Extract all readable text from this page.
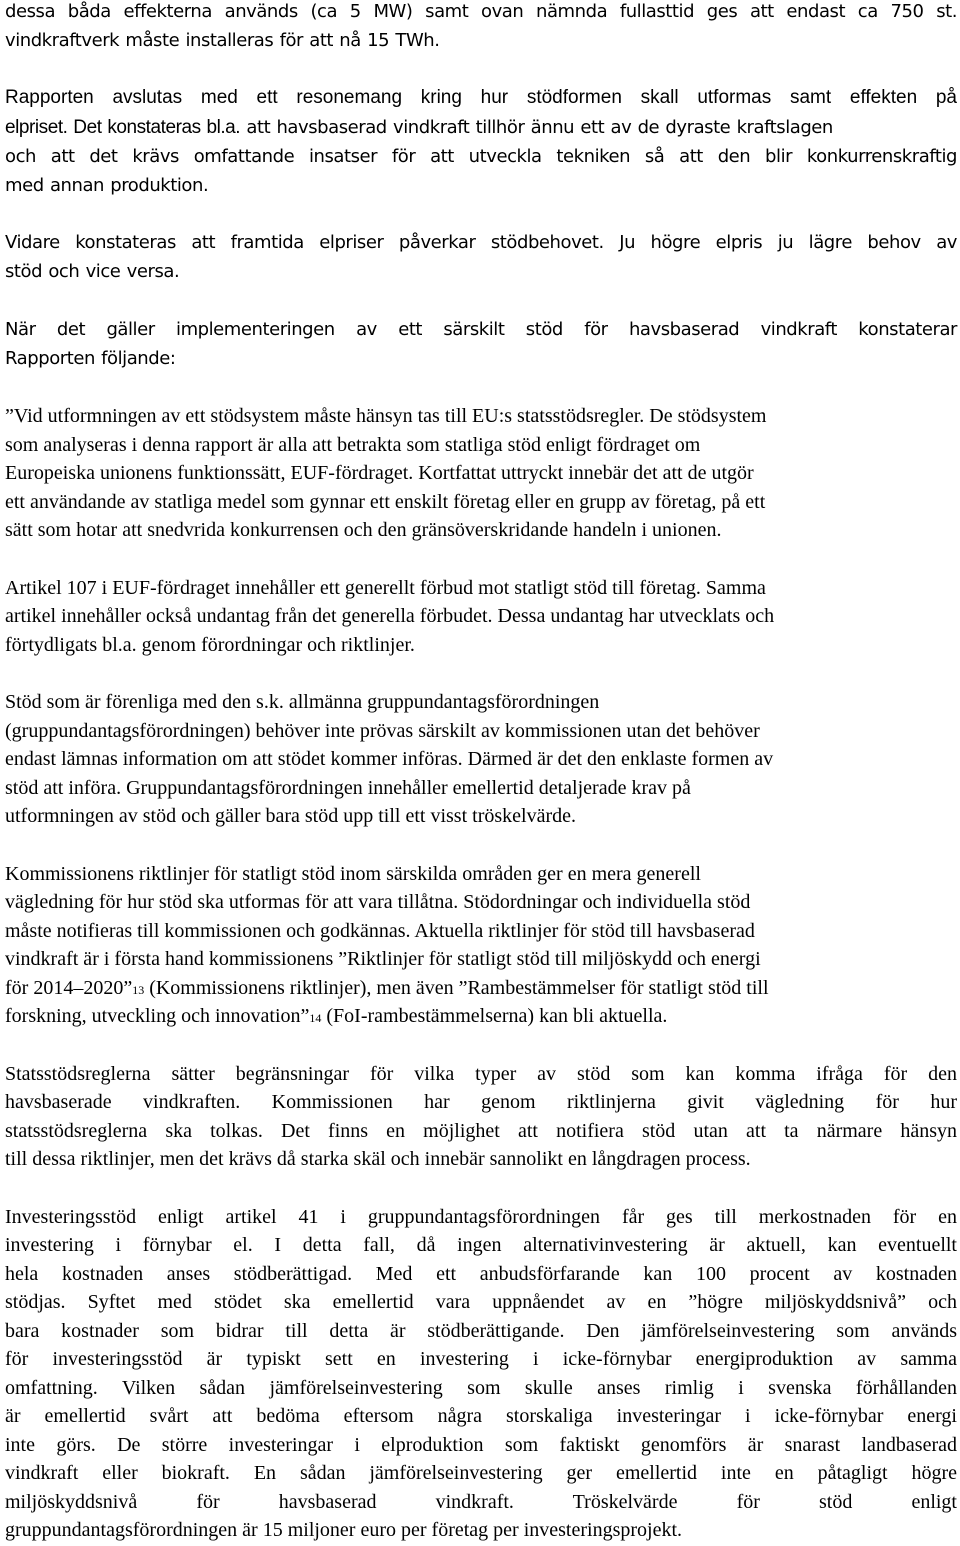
dessa båda effekterna används (ca 5 MW) samt ovan nämnda fullasttid ges att endast ca 750 st.
vindkraftverk måste installeras för att nå 15 TWh.
Rapporten avslutas med ett resonemang kring hur stödformen skall utformas samt effekten på
elpriset. Det konstateras bl.a. att havsbaserad vindkraft tillhör ännu ett av de dyraste kraftslagen
och att det krävs omfattande insatser för att utveckla tekniken så att den blir konkurrenskraftig
med annan produktion.
Vidare konstateras att framtida elpriser påverkar stödbehovet. Ju högre elpris ju lägre behov av
stöd och vice versa.
När det gäller implementeringen av ett särskilt stöd för havsbaserad vindkraft konstaterar
Rapporten följande:
”Vid utformningen av ett stödsystem måste hänsyn tas till EU:s statsstödsregler. De stödsystem
som analyseras i denna rapport är alla att betrakta som statliga stöd enligt fördraget om
Europeiska unionens funktionssätt, EUF-fördraget. Kortfattat uttryckt innebär det att de utgör
ett användande av statliga medel som gynnar ett enskilt företag eller en grupp av företag, på ett
sätt som hotar att snedvrida konkurrensen och den gränsöverskridande handeln i unionen.
Artikel 107 i EUF-fördraget innehåller ett generellt förbud mot statligt stöd till företag. Samma
artikel innehåller också undantag från det generella förbudet. Dessa undantag har utvecklats och
förtydligats bl.a. genom förordningar och riktlinjer.
Stöd som är förenliga med den s.k. allmänna gruppundantagsförordningen
(gruppundantagsförordningen) behöver inte prövas särskilt av kommissionen utan det behöver
endast lämnas information om att stödet kommer införas. Därmed är det den enklaste formen av
stöd att införa. Gruppundantagsförordningen innehåller emellertid detaljerade krav på
utformningen av stöd och gäller bara stöd upp till ett visst tröskelvärde.
Kommissionens riktlinjer för statligt stöd inom särskilda områden ger en mera generell
vägledning för hur stöd ska utformas för att vara tillåtna. Stödordningar och individuella stöd
måste notifieras till kommissionen och godkännas. Aktuella riktlinjer för stöd till havsbaserad
vindkraft är i första hand kommissionens ”Riktlinjer för statligt stöd till miljöskydd och energi
för 2014–2020”13 (Kommissionens riktlinjer), men även ”Rambestämmelser för statligt stöd till
forskning, utveckling och innovation”14 (FoI-rambestämmelserna) kan bli aktuella.
Statsstödsreglerna sätter begränsningar för vilka typer av stöd som kan komma ifråga för den
havsbaserade vindkraften. Kommissionen har genom riktlinjerna givit vägledning för hur
statsstödsreglerna ska tolkas. Det finns en möjlighet att notifiera stöd utan att ta närmare hänsyn
till dessa riktlinjer, men det krävs då starka skäl och innebär sannolikt en långdragen process.
Investeringsstöd enligt artikel 41 i gruppundantagsförordningen får ges till merkostnaden för en
investering i förnybar el. I detta fall, då ingen alternativinvestering är aktuell, kan eventuellt
hela kostnaden anses stödberättigad. Med ett anbudsförfarande kan 100 procent av kostnaden
stödjas. Syftet med stödet ska emellertid vara uppnåendet av en ”högre miljöskyddsnivå” och
bara kostnader som bidrar till detta är stödberättigande. Den jämförelseinvestering som används
för investeringsstöd är typiskt sett en investering i icke-förnybar energiproduktion av samma
omfattning. Vilken sådan jämförelseinvestering som skulle anses rimlig i svenska förhållanden
är emellertid svårt att bedöma eftersom några storskaliga investeringar i icke-förnybar energi
inte görs. De större investeringar i elproduktion som faktiskt genomförs är snarast landbaserad
vindkraft eller biokraft. En sådan jämförelseinvestering ger emellertid inte en påtagligt högre
miljöskyddsnivå för havsbaserad vindkraft. Tröskelvärde för stöd enligt
gruppundantagsförordningen är 15 miljoner euro per företag per investeringsprojekt.
